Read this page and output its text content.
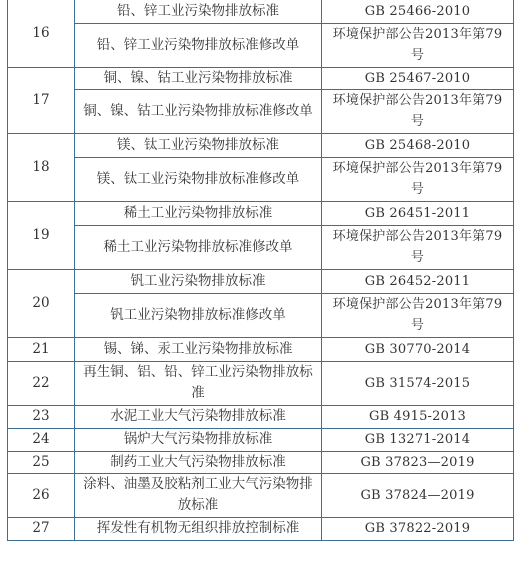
16	铅、锌工业污染物排放标准	GB 25466-2010
	铅、锌工业污染物排放标准修改单	环境保护部公告2013年第79号
17	铜、镍、钴工业污染物排放标准	GB 25467-2010
	铜、镍、钴工业污染物排放标准修改单	环境保护部公告2013年第79号
18	镁、钛工业污染物排放标准	GB 25468-2010
	镁、钛工业污染物排放标准修改单	环境保护部公告2013年第79号
19	稀土工业污染物排放标准	GB 26451-2011
	稀土工业污染物排放标准修改单	环境保护部公告2013年第79号
20	钒工业污染物排放标准	GB 26452-2011
	钒工业污染物排放标准修改单	环境保护部公告2013年第79号
21	锡、锑、汞工业污染物排放标准	GB 30770-2014
22	再生铜、铝、铅、锌工业污染物排放标准	GB 31574-2015
23	水泥工业大气污染物排放标准	GB 4915-2013
24	锅炉大气污染物排放标准	GB 13271-2014
25	制药工业大气污染物排放标准	GB 37823—2019
26	涂料、油墨及胶粘剂工业大气污染物排放标准	GB 37824—2019
27	挥发性有机物无组织排放控制标准	GB 37822-2019
